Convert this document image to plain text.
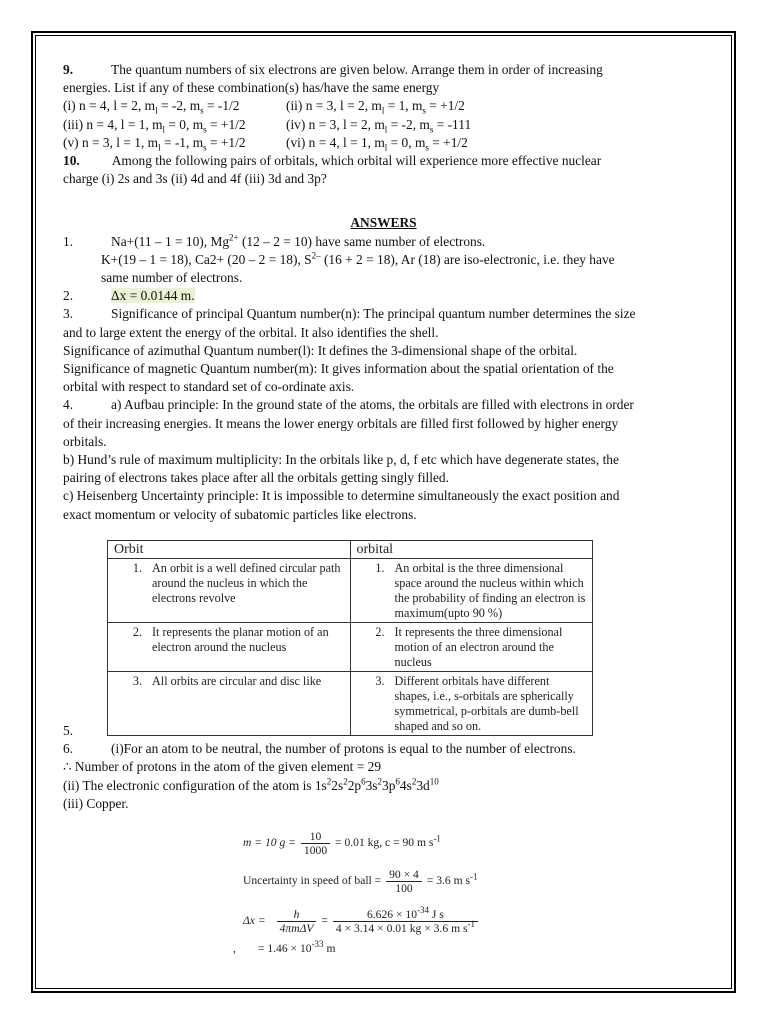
9.	The quantum numbers of six electrons are given below. Arrange them in order of increasing

energies. List if any of these combination(s) has/have the same energy

(i) n = 4, l = 2, $m_l = -2$, $m_s = -1/2$	(ii) n = 3, l = 2, $m_l = 1$, $m_s = +1/2$

(iii) n = 4, l = 1, $m_l = 0$, $m_s = +1/2$	(iv) n = 3, l = 2, $m_l = -2$, $m_s = -111$

(v) n = 3, l = 1, $m_l = -1$, $m_s = +1/2$	(vi) n = 4, l = 1, $m_l = 0$, $m_s = +1/2$

10. Among the following pairs of orbitals, which orbital will experience more effective nuclear

charge (i) 2s and 3s (ii) 4d and 4f (iii) 3d and 3p?

ANSWERS

1.	Na+(11 – 1 = 10), $Mg^{2+}$ (12 – 2 = 10) have same number of electrons.

K+(19 – 1 = 18), Ca2+ (20 – 2 = 18), $S^{2-}$ (16 + 2 = 18), Ar (18) are iso-electronic, i.e. they have

same number of electrons.

2.	Δx = 0.0144 m.

3.	Significance of principal Quantum number(n): The principal quantum number determines the size

and to large extent the energy of the orbital. It also identifies the shell.

Significance of azimuthal Quantum number(l): It defines the 3-dimensional shape of the orbital.

Significance of magnetic Quantum number(m): It gives information about the spatial orientation of the

orbital with respect to standard set of co-ordinate axis.

4.	a) Aufbau principle: In the ground state of the atoms, the orbitals are filled with electrons in order

of their increasing energies. It means the lower energy orbitals are filled first followed by higher energy

orbitals.

b) Hund’s rule of maximum multiplicity: In the orbitals like p, d, f etc which have degenerate states, the

pairing of electrons takes place after all the orbitals getting singly filled.

c) Heisenberg Uncertainty principle: It is impossible to determine simultaneously the exact position and

exact momentum or velocity of subatomic particles like electrons.

Orbit	orbital

1. An orbit is a well defined circular path around the nucleus in which the electrons revolve	1. An orbital is the three dimensional space around the nucleus within which the probability of finding an electron is maximum(upto 90 %)

2. It represents the planar motion of an electron around the nucleus	2. It represents the three dimensional motion of an electron around the nucleus

3. All orbits are circular and disc like	3. Different orbitals have different shapes, i.e., s-orbitals are spherically symmetrical, p-orbitals are dumb-bell shaped and so on.

5.

6.	(i)For an atom to be neutral, the number of protons is equal to the number of electrons.

∴ Number of protons in the atom of the given element = 29

(ii) The electronic configuration of the atom is $1s^22s^22p^63s^23p^64s^23d^{10}$

(iii) Copper.

m = 10 $g = \frac{10}{1000} = 0.01$ kg, c = 90 m $s^{-1}$
Uncertainty in speed of ball = $\frac{90 \times 4}{100} = 3.6$ m $s^{-1}$
$\Delta x = \frac{h}{\text{4πmΔV}} = \frac{6.626 \times 10^{-34} J s}{4 \times 3.14 \times 0.01 kg \times 3.6 m s^{-1}}$
, = $1.46 \times 10^{-33}$ m
